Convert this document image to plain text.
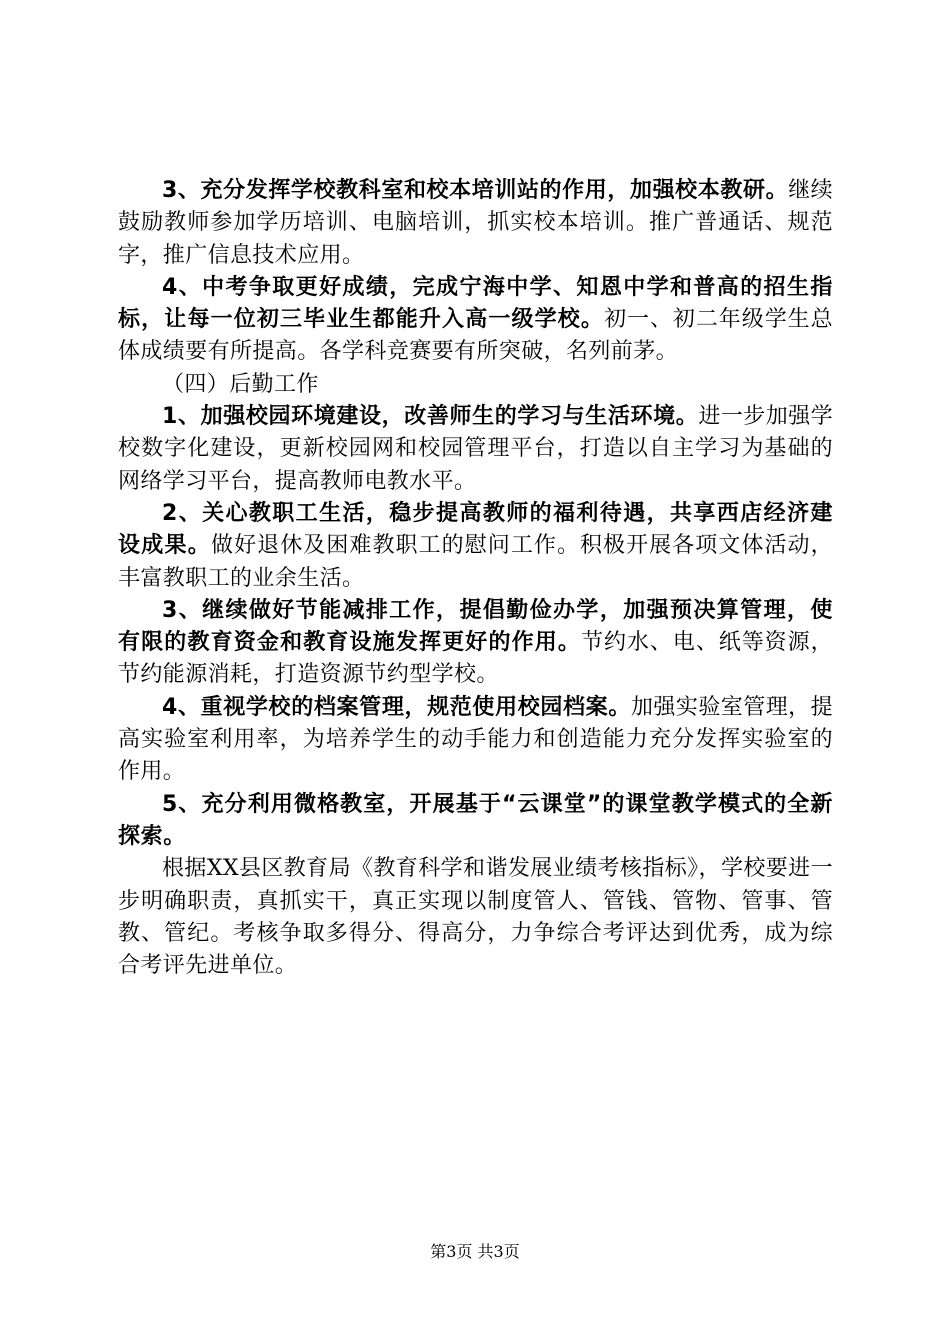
3、充分发挥学校教科室和校本培训站的作用，加强校本教研。继续鼓励教师参加学历培训、电脑培训，抓实校本培训。推广普通话、规范字，推广信息技术应用。

4、中考争取更好成绩，完成宁海中学、知恩中学和普高的招生指标，让每一位初三毕业生都能升入高一级学校。初一、初二年级学生总体成绩要有所提高。各学科竞赛要有所突破，名列前茅。

（四）后勤工作

1、加强校园环境建设，改善师生的学习与生活环境。进一步加强学校数字化建设，更新校园网和校园管理平台，打造以自主学习为基础的网络学习平台，提高教师电教水平。

2、关心教职工生活，稳步提高教师的福利待遇，共享西店经济建设成果。做好退休及困难教职工的慰问工作。积极开展各项文体活动，丰富教职工的业余生活。

3、继续做好节能减排工作，提倡勤俭办学，加强预决算管理，使有限的教育资金和教育设施发挥更好的作用。节约水、电、纸等资源，节约能源消耗，打造资源节约型学校。

4、重视学校的档案管理，规范使用校园档案。加强实验室管理，提高实验室利用率，为培养学生的动手能力和创造能力充分发挥实验室的作用。

5、充分利用微格教室，开展基于“云课堂”的课堂教学模式的全新探索。

根据XX县区教育局《教育科学和谐发展业绩考核指标》，学校要进一步明确职责，真抓实干，真正实现以制度管人、管钱、管物、管事、管教、管纪。考核争取多得分、得高分，力争综合考评达到优秀，成为综合考评先进单位。

第3页 共3页
